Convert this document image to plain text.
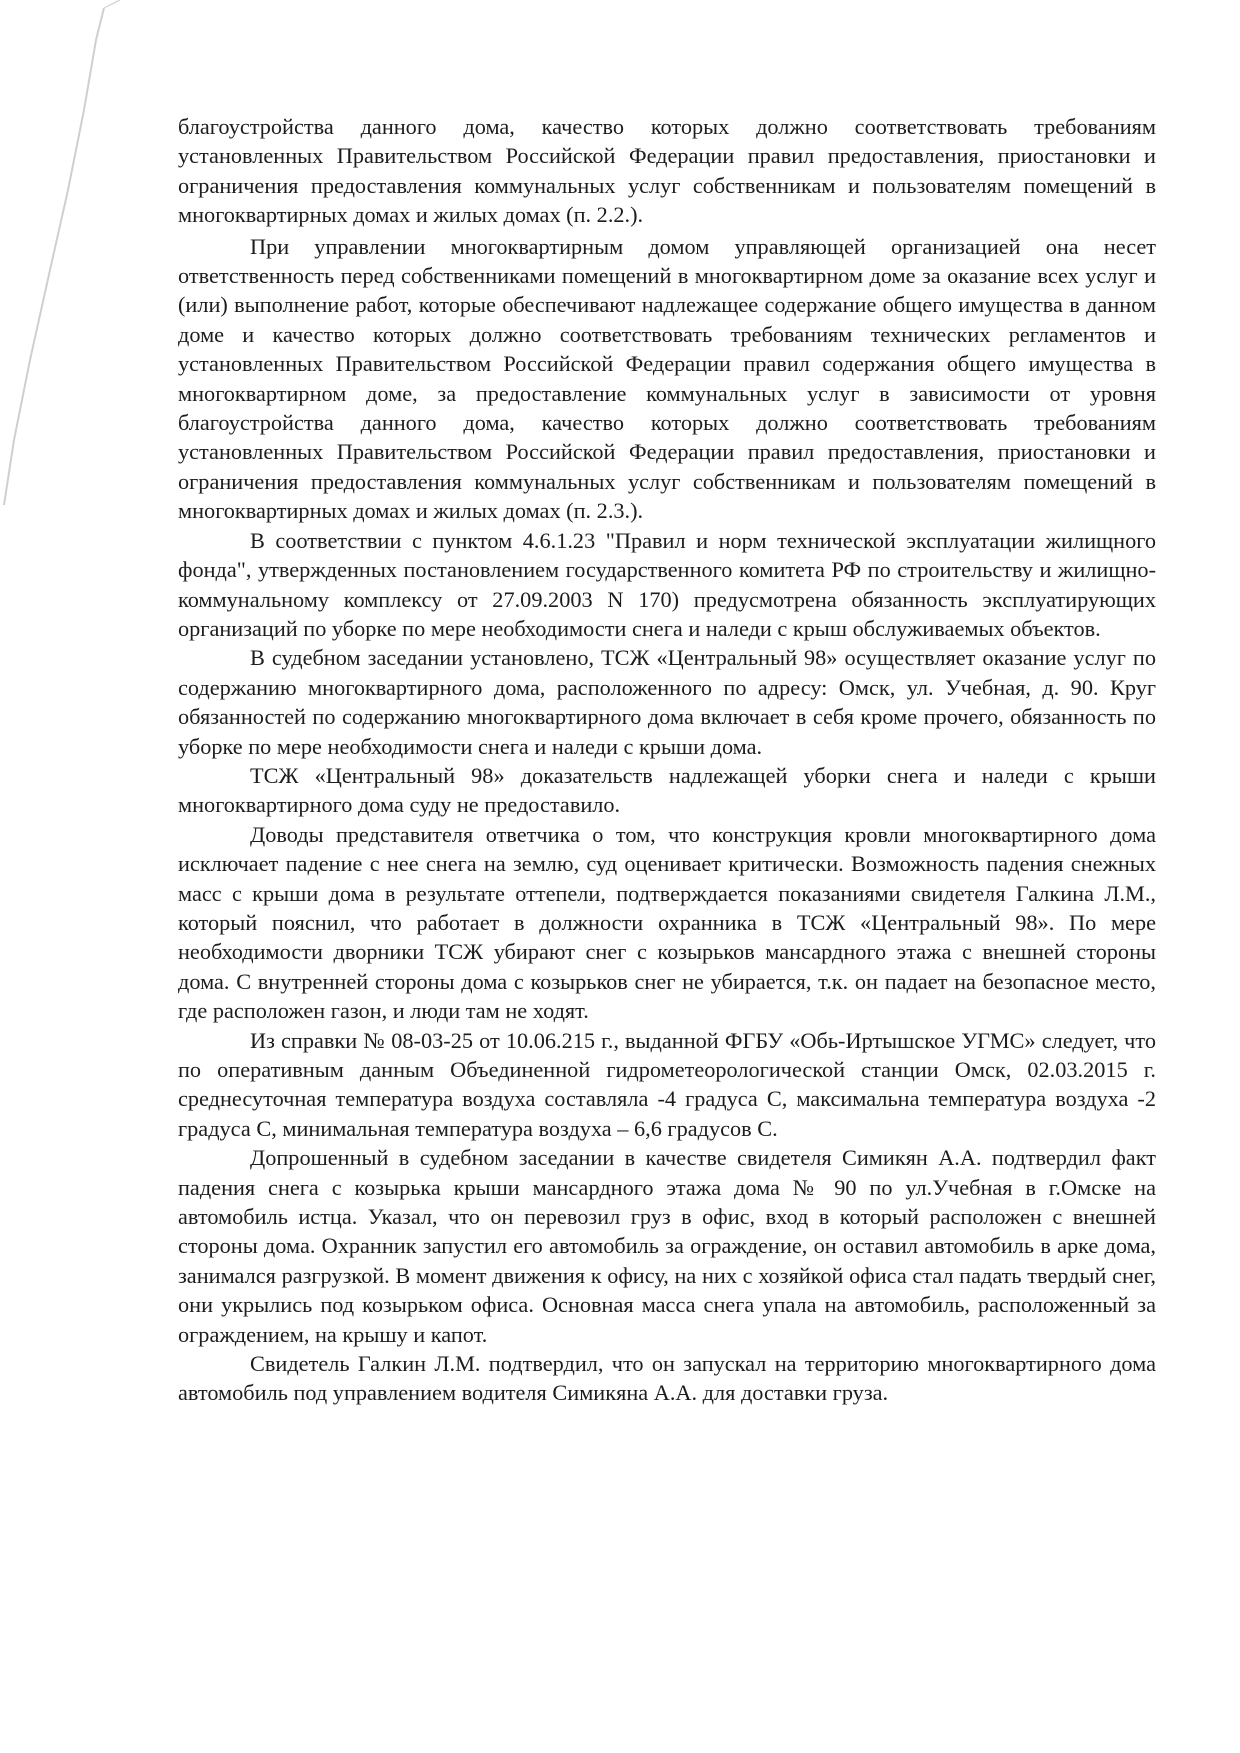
благоустройства данного дома, качество которых должно соответствовать требованиям установленных Правительством Российской Федерации правил предоставления, приостановки и ограничения предоставления коммунальных услуг собственникам и пользователям помещений в многоквартирных домах и жилых домах (п. 2.2.).

При управлении многоквартирным домом управляющей организацией она несет ответственность перед собственниками помещений в многоквартирном доме за оказание всех услуг и (или) выполнение работ, которые обеспечивают надлежащее содержание общего имущества в данном доме и качество которых должно соответствовать требованиям технических регламентов и установленных Правительством Российской Федерации правил содержания общего имущества в многоквартирном доме, за предоставление коммунальных услуг в зависимости от уровня благоустройства данного дома, качество которых должно соответствовать требованиям установленных Правительством Российской Федерации правил предоставления, приостановки и ограничения предоставления коммунальных услуг собственникам и пользователям помещений в многоквартирных домах и жилых домах (п. 2.3.).

В соответствии с пунктом 4.6.1.23 "Правил и норм технической эксплуатации жилищного фонда", утвержденных постановлением государственного комитета РФ по строительству и жилищно-коммунальному комплексу от 27.09.2003 N 170) предусмотрена обязанность эксплуатирующих организаций по уборке по мере необходимости снега и наледи с крыш обслуживаемых объектов.

В судебном заседании установлено, ТСЖ «Центральный 98» осуществляет оказание услуг по содержанию многоквартирного дома, расположенного по адресу: Омск, ул. Учебная, д. 90. Круг обязанностей по содержанию многоквартирного дома включает в себя кроме прочего, обязанность по уборке по мере необходимости снега и наледи с крыши дома.

ТСЖ «Центральный 98» доказательств надлежащей уборки снега и наледи с крыши многоквартирного дома суду не предоставило.

Доводы представителя ответчика о том, что конструкция кровли многоквартирного дома исключает падение с нее снега на землю, суд оценивает критически. Возможность падения снежных масс с крыши дома в результате оттепели, подтверждается показаниями свидетеля Галкина Л.М., который пояснил, что работает в должности охранника в ТСЖ «Центральный 98». По мере необходимости дворники ТСЖ убирают снег с козырьков мансардного этажа с внешней стороны дома. С внутренней стороны дома с козырьков снег не убирается, т.к. он падает на безопасное место, где расположен газон, и люди там не ходят.

Из справки № 08-03-25 от 10.06.215 г., выданной ФГБУ «Обь-Иртышское УГМС» следует, что по оперативным данным Объединенной гидрометеорологической станции Омск, 02.03.2015 г. среднесуточная температура воздуха составляла -4 градуса С, максимальна температура воздуха -2 градуса С, минимальная температура воздуха – 6,6 градусов С.

Допрошенный в судебном заседании в качестве свидетеля Симикян А.А. подтвердил факт падения снега с козырька крыши мансардного этажа дома № 90 по ул.Учебная в г.Омске на автомобиль истца. Указал, что он перевозил груз в офис, вход в который расположен с внешней стороны дома. Охранник запустил его автомобиль за ограждение, он оставил автомобиль в арке дома, занимался разгрузкой. В момент движения к офису, на них с хозяйкой офиса стал падать твердый снег, они укрылись под козырьком офиса. Основная масса снега упала на автомобиль, расположенный за ограждением, на крышу и капот.

Свидетель Галкин Л.М. подтвердил, что он запускал на территорию многоквартирного дома автомобиль под управлением водителя Симикяна А.А. для доставки груза.
